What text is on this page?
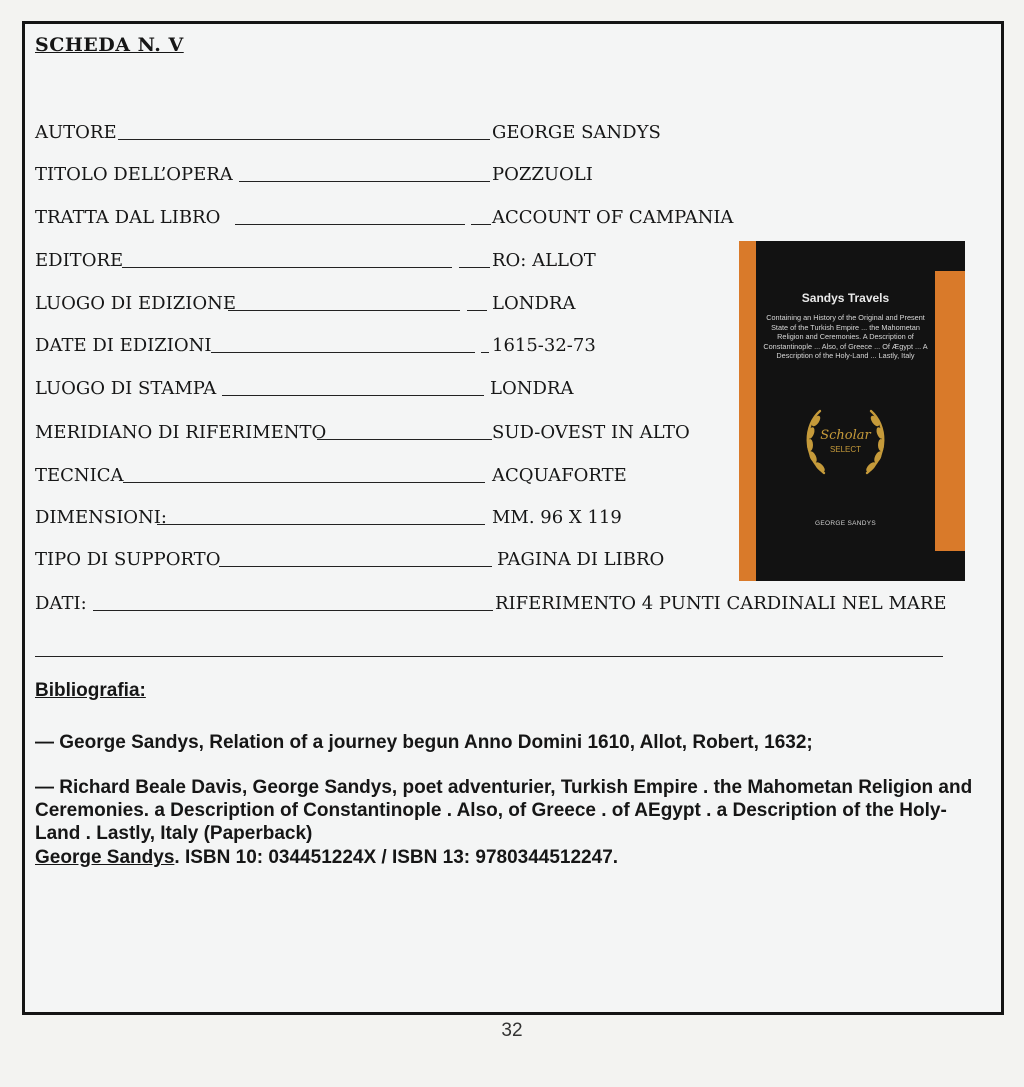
SCHEDA N. V
AUTORE	GEORGE SANDYS
TITOLO DELL’OPERA	POZZUOLI
TRATTA DAL LIBRO	ACCOUNT OF CAMPANIA
EDITORE	RO: ALLOT
LUOGO DI EDIZIONE	LONDRA
DATE DI EDIZIONI	1615-32-73
LUOGO DI STAMPA	LONDRA
MERIDIANO DI RIFERIMENTO	SUD-OVEST IN ALTO
TECNICA	ACQUAFORTE
DIMENSIONI:	MM. 96 X 119
TIPO DI SUPPORTO	PAGINA DI LIBRO
DATI:	RIFERIMENTO 4 PUNTI CARDINALI NEL MARE
Bibliografia:
— George Sandys, Relation of a journey begun Anno Domini 1610, Allot, Robert, 1632;
— Richard Beale Davis, George Sandys, poet adventurier, Turkish Empire . the Mahometan Religion and Ceremonies. a Description of Constantinople . Also, of Greece . of AEgypt . a Description of the Holy-Land . Lastly, Italy (Paperback)
George Sandys. ISBN 10: 034451224X / ISBN 13: 9780344512247.
Sandys Travels
Containing an History of the Original and Present State of the Turkish Empire ... the Mahometan Religion and Ceremonies. A Description of Constantinople ... Also, of Greece ... Of Ægypt ... A Description of the Holy-Land ... Lastly, Italy
Scholar
SELECT
GEORGE SANDYS
32
